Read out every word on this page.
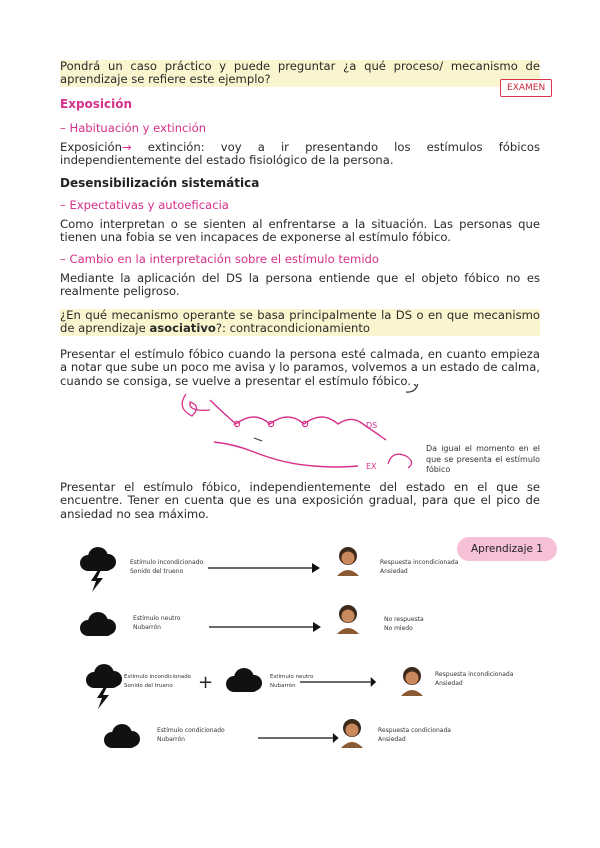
Pondrá un caso práctico y puede preguntar ¿a qué proceso/ mecanismo de aprendizaje se refiere este ejemplo?
EXAMEN
Exposición
– Habituación y extinción
Exposición→ extinción: voy a ir presentando los estímulos fóbicos independientemente del estado fisiológico de la persona.
Desensibilización sistemática
– Expectativas y autoeficacia
Como interpretan o se sienten al enfrentarse a la situación. Las personas que tienen una fobia se ven incapaces de exponerse al estímulo fóbico.
– Cambio en la interpretación sobre el estímulo temido
Mediante la aplicación del DS la persona entiende que el objeto fóbico no es realmente peligroso.
¿En qué mecanismo operante se basa principalmente la DS o en que mecanismo de aprendizaje asociativo?: contracondicionamiento
Presentar el estímulo fóbico cuando la persona esté calmada, en cuanto empieza a notar que sube un poco me avisa y lo paramos, volvemos a un estado de calma, cuando se consiga, se vuelve a presentar el estímulo fóbico.
DS
EX
Da igual el momento en el que se presenta el estímulo fóbico
Presentar el estímulo fóbico, independientemente del estado en el que se encuentre. Tener en cuenta que es una exposición gradual, para que el pico de ansiedad no sea máximo.
Aprendizaje 1
Estímulo incondicionado
Sonido del trueno
Respuesta incondicionada
Ansiedad
Estímulo neutro
Nubarrón
No respuesta
No miedo
Estímulo incondicionado
Sonido del trueno	+	Estímulo neutro
Nubarrón
Respuesta incondicionada
Ansiedad
Estímulo condicionado
Nubarrón
Respuesta condicionada
Ansiedad
